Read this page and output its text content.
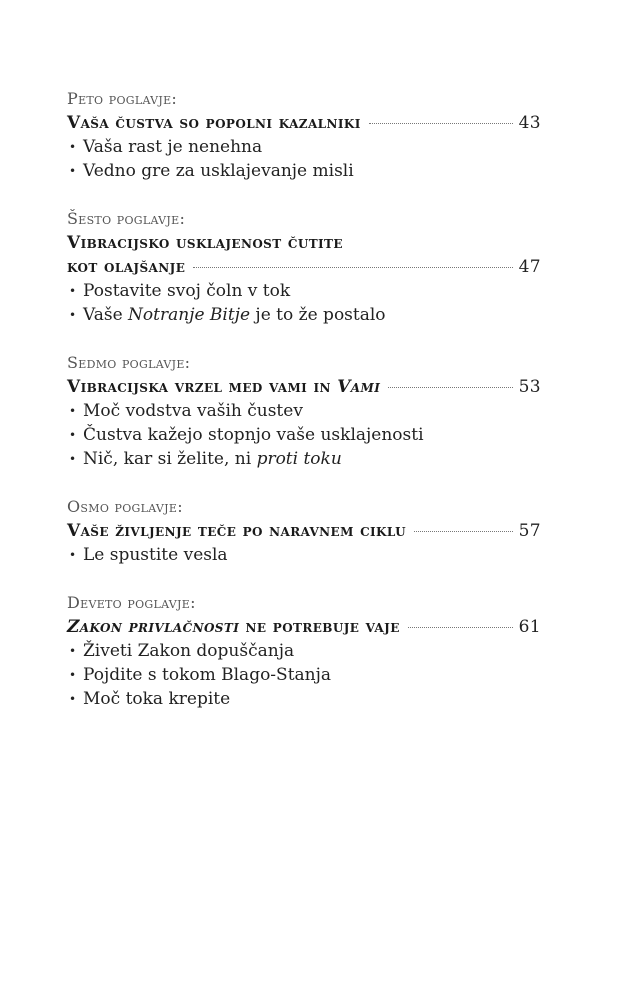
Peto poglavje:
Vaša čustva so popolni kazalniki	43
• Vaša rast je nenehna
• Vedno gre za usklajevanje misli
Šesto poglavje:
Vibracijsko usklajenost čutite
kot olajšanje	47
• Postavite svoj čoln v tok
• Vaše Notranje Bitje je to že postalo
Sedmo poglavje:
Vibracijska vrzel med vami in Vami	53
• Moč vodstva vaših čustev
• Čustva kažejo stopnjo vaše usklajenosti
• Nič, kar si želite, ni proti toku
Osmo poglavje:
Vaše življenje teče po naravnem ciklu	57
• Le spustite vesla
Deveto poglavje:
Zakon privlačnosti ne potrebuje vaje	61
• Živeti Zakon dopuščanja
• Pojdite s tokom Blago-Stanja
• Moč toka krepite
